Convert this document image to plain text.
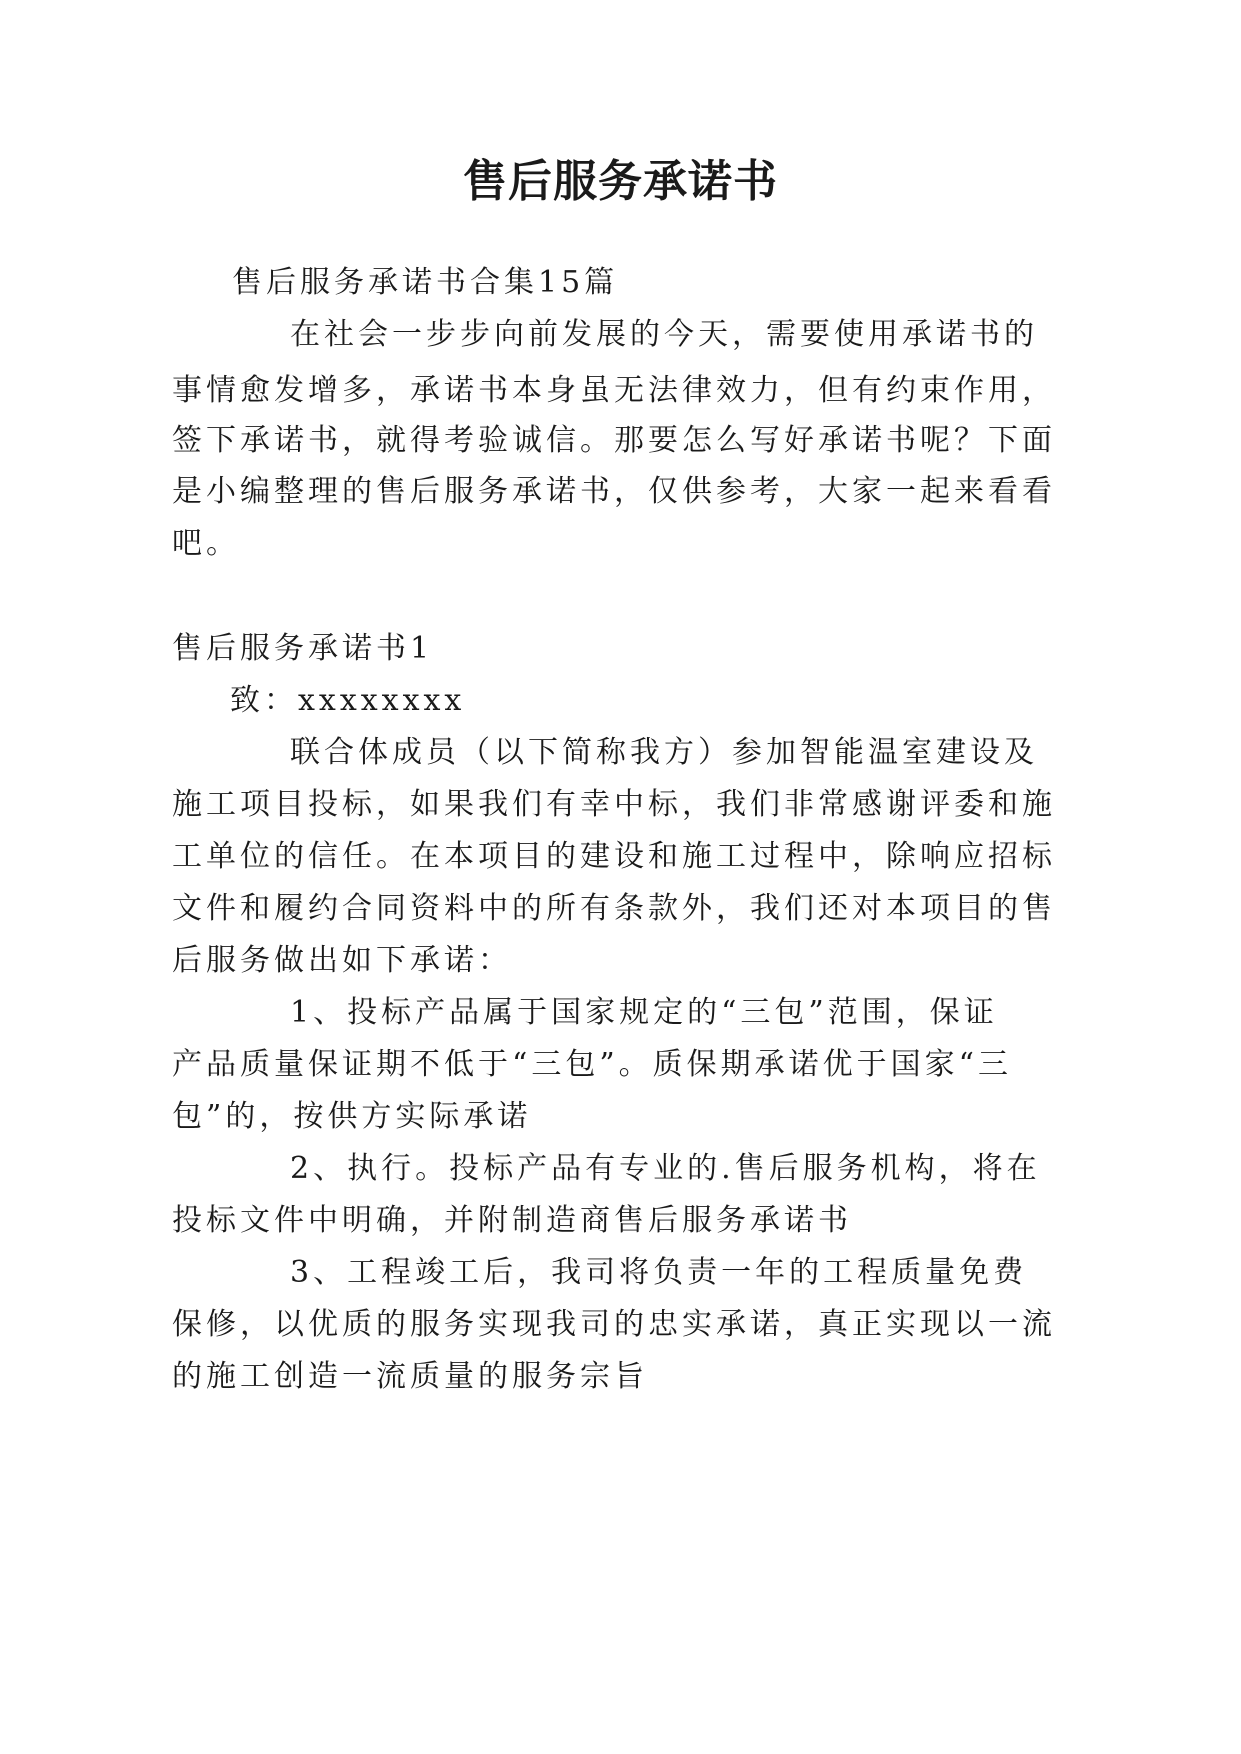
售后服务承诺书
售后服务承诺书合集15篇
在社会一步步向前发展的今天，需要使用承诺书的
事情愈发增多，承诺书本身虽无法律效力，但有约束作用，
签下承诺书，就得考验诚信。那要怎么写好承诺书呢？下面
是小编整理的售后服务承诺书，仅供参考，大家一起来看看
吧。
售后服务承诺书1
致：xxxxxxxx
联合体成员（以下简称我方）参加智能温室建设及
施工项目投标，如果我们有幸中标，我们非常感谢评委和施
工单位的信任。在本项目的建设和施工过程中，除响应招标
文件和履约合同资料中的所有条款外，我们还对本项目的售
后服务做出如下承诺：
1、投标产品属于国家规定的“三包”范围，保证
产品质量保证期不低于“三包”。质保期承诺优于国家“三
包”的，按供方实际承诺
2、执行。投标产品有专业的.售后服务机构，将在
投标文件中明确，并附制造商售后服务承诺书
3、工程竣工后，我司将负责一年的工程质量免费
保修，以优质的服务实现我司的忠实承诺，真正实现以一流
的施工创造一流质量的服务宗旨
